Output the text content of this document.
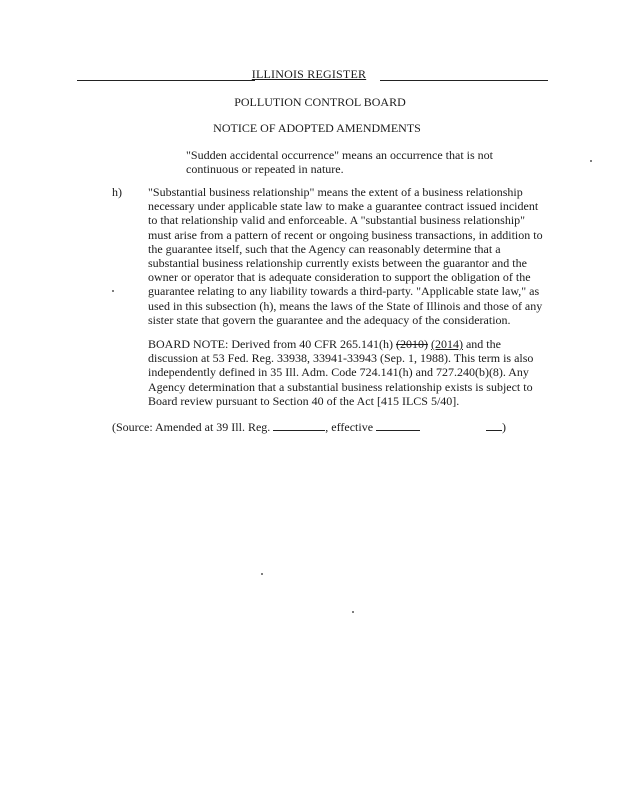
ILLINOIS REGISTER
POLLUTION CONTROL BOARD
NOTICE OF ADOPTED AMENDMENTS
"Sudden accidental occurrence" means an occurrence that is not continuous or repeated in nature.
h) "Substantial business relationship" means the extent of a business relationship necessary under applicable state law to make a guarantee contract issued incident to that relationship valid and enforceable. A "substantial business relationship" must arise from a pattern of recent or ongoing business transactions, in addition to the guarantee itself, such that the Agency can reasonably determine that a substantial business relationship currently exists between the guarantor and the owner or operator that is adequate consideration to support the obligation of the guarantee relating to any liability towards a third-party. "Applicable state law," as used in this subsection (h), means the laws of the State of Illinois and those of any sister state that govern the guarantee and the adequacy of the consideration.
BOARD NOTE: Derived from 40 CFR 265.141(h) (2010) (2014) and the discussion at 53 Fed. Reg. 33938, 33941-33943 (Sep. 1, 1988). This term is also independently defined in 35 Ill. Adm. Code 724.141(h) and 727.240(b)(8). Any Agency determination that a substantial business relationship exists is subject to Board review pursuant to Section 40 of the Act [415 ILCS 5/40].
(Source: Amended at 39 Ill. Reg.	, effective	)
